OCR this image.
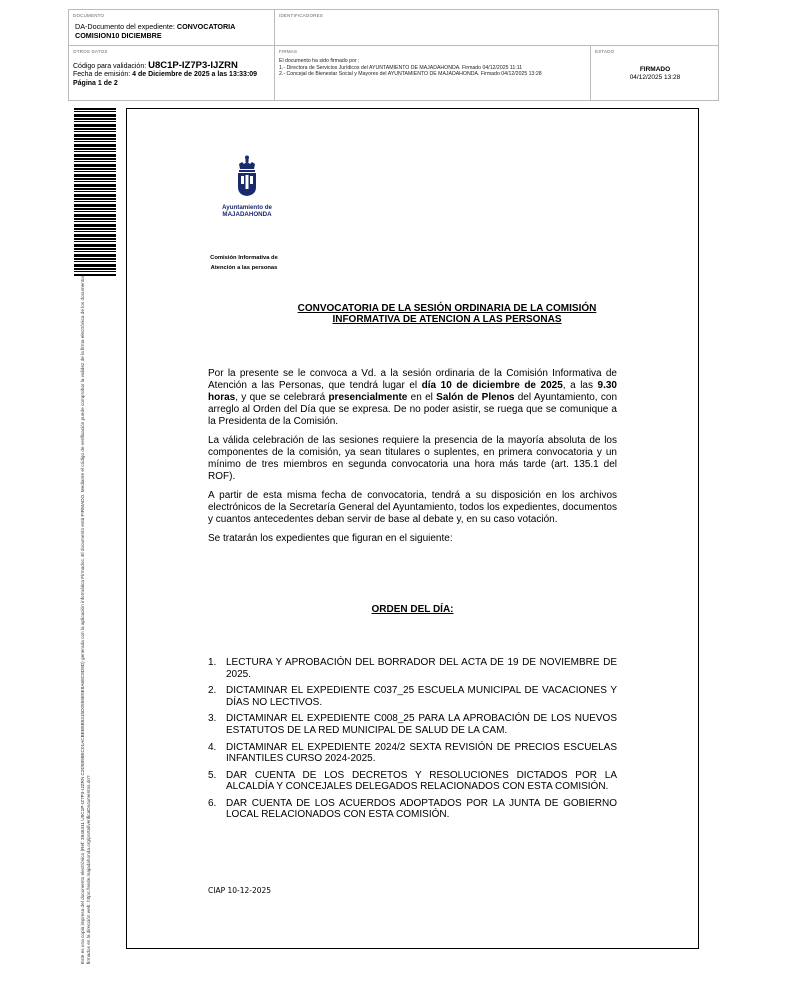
DOCUMENTO
DA-Documento del expediente: CONVOCATORIA COMISION10 DICIEMBRE
IDENTIFICADORES
OTROS DATOS
Código para validación: U8C1P-IZ7P3-IJZRN
Fecha de emisión: 4 de Diciembre de 2025 a las 13:33:09
Página 1 de 2
FIRMAS
El documento ha sido firmado por :
1.- Directora de Servicios Jurídicos del AYUNTAMIENTO DE MAJADAHONDA. Firmado 04/12/2025 11:11
2.- Concejal de Bienestar Social y Mayores del AYUNTAMIENTO DE MAJADAHONDA. Firmado 04/12/2025 13:28
ESTADO
FIRMADO
04/12/2025 13:28
Este es una copia impresa del documento electrónico (Ref: 3946311 U8C1P-IZ7P3-IJZRN C2D5898EC01ACBEB5B5315D0555E5E8A68C9D9D) generada con la aplicación informática Firmadoc. El documento está FIRMADO. Mediante el código de verificación puede comprobar la validez de la firma electrónica de los documentos firmados en la dirección web: https://sede.majadahonda.org/portal/verificaDocumentos.do?
Ayuntamiento de
MAJADAHONDA
Comisión Informativa de
Atención a las personas
CONVOCATORIA DE LA SESIÓN ORDINARIA DE LA COMISIÓN
INFORMATIVA DE ATENCION A LAS PERSONAS

Por la presente se le convoca a Vd. a la sesión ordinaria de la Comisión Informativa de Atención a las Personas, que tendrá lugar el día 10 de diciembre de 2025, a las 9.30 horas, y que se celebrará presencialmente en el Salón de Plenos del Ayuntamiento, con arreglo al Orden del Día que se expresa. De no poder asistir, se ruega que se comunique a la Presidenta de la Comisión.

La válida celebración de las sesiones requiere la presencia de la mayoría absoluta de los componentes de la comisión, ya sean titulares o suplentes, en primera convocatoria y un mínimo de tres miembros en segunda convocatoria una hora más tarde (art. 135.1 del ROF).

A partir de esta misma fecha de convocatoria, tendrá a su disposición en los archivos electrónicos de la Secretaría General del Ayuntamiento, todos los expedientes, documentos y cuantos antecedentes deban servir de base al debate y, en su caso votación.

Se tratarán los expedientes que figuran en el siguiente:

ORDEN DEL DÍA:
1. LECTURA Y APROBACIÓN DEL BORRADOR DEL ACTA DE 19 DE NOVIEMBRE DE 2025.
2. DICTAMINAR EL EXPEDIENTE C037_25 ESCUELA MUNICIPAL DE VACACIONES Y DÍAS NO LECTIVOS.
3. DICTAMINAR EL EXPEDIENTE C008_25 PARA LA APROBACIÓN DE LOS NUEVOS ESTATUTOS DE LA RED MUNICIPAL DE SALUD DE LA CAM.
4. DICTAMINAR EL EXPEDIENTE 2024/2 SEXTA REVISIÓN DE PRECIOS ESCUELAS INFANTILES CURSO 2024-2025.
5. DAR CUENTA DE LOS DECRETOS Y RESOLUCIONES DICTADOS POR LA ALCALDÍA Y CONCEJALES DELEGADOS RELACIONADOS CON ESTA COMISIÓN.
6. DAR CUENTA DE LOS ACUERDOS ADOPTADOS POR LA JUNTA DE GOBIERNO LOCAL RELACIONADOS CON ESTA COMISIÓN.
CIAP 10-12-2025
